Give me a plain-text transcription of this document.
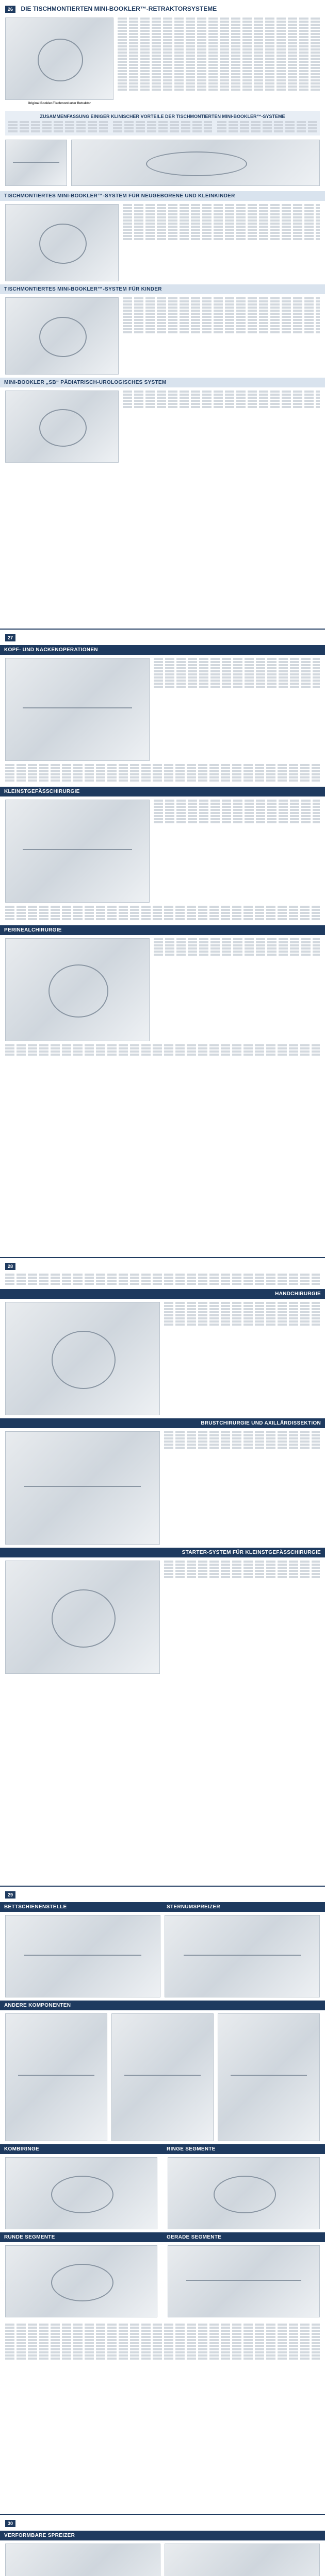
26 DIE TISCHMONTIERTEN MINI-BOOKLER™-RETRAKTORSYSTEME
Original Bookler-Tischmontierter Retraktor
ZUSAMMENFASSUNG EINIGER KLINISCHER VORTEILE DER TISCHMONTIERTEN MINI-BOOKLER™-SYSTEME
TISCHMONTIERTES MINI-BOOKLER™-SYSTEM FÜR NEUGEBORENE UND KLEINKINDER
TISCHMONTIERTES MINI-BOOKLER™-SYSTEM FÜR KINDER
MINI-BOOKLER „SB“ PÄDIATRISCH-UROLOGISCHES SYSTEM
27
KOPF- UND NACKENOPERATIONEN
KLEINSTGEFÄSSCHIRURGIE
PERINEALCHIRURGIE
28
HANDCHIRURGIE
BRUSTCHIRURGIE UND AXILLÄRDISSEKTION
STARTER-SYSTEM FÜR KLEINSTGEFÄSSCHIRURGIE
29
BETTSCHIENENSTELLE	STERNUMSPREIZER
ANDERE KOMPONENTEN
KOMBIRINGE
RUNDE SEGMENTE
RINGE SEGMENTE
GERADE SEGMENTE
30
VERFORMBARE SPREIZER
